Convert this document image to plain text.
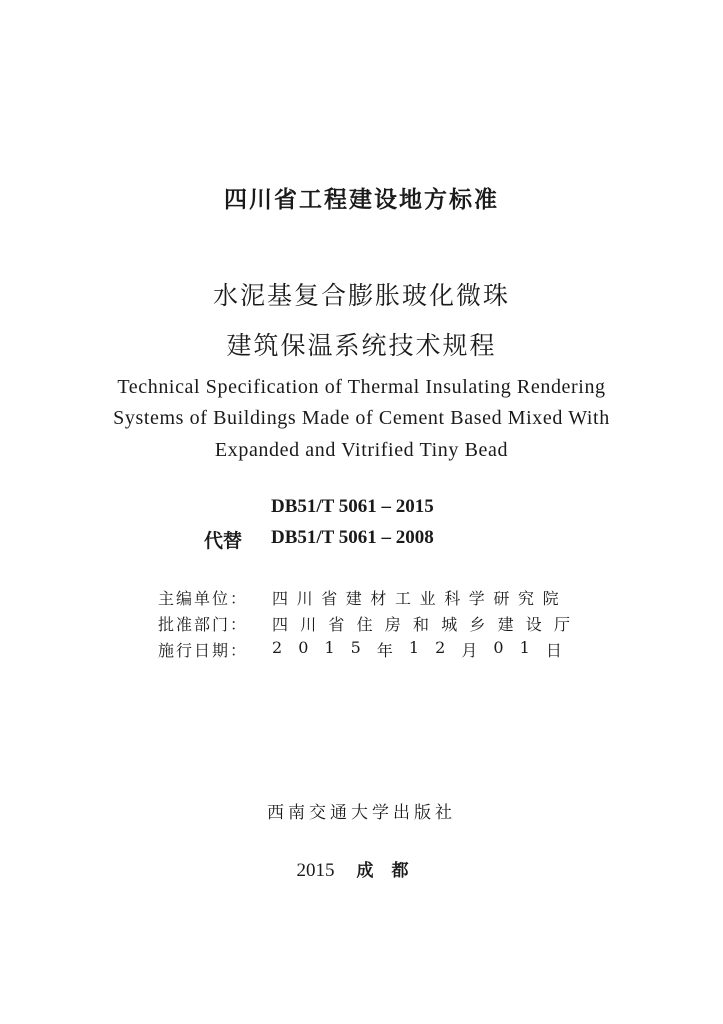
四川省工程建设地方标准
水泥基复合膨胀玻化微珠
建筑保温系统技术规程
Technical Specification of Thermal Insulating Rendering
Systems of Buildings Made of Cement Based Mixed With
Expanded and Vitrified Tiny Bead
DB51/T 5061 – 2015
代替 DB51/T 5061 – 2008
主编单位： 四川省建材工业科学研究院
批准部门： 四川省住房和城乡建设厅
施行日期： 2 0 1 5 年 1 2 月 0 1 日
西南交通大学出版社
2015 成都
